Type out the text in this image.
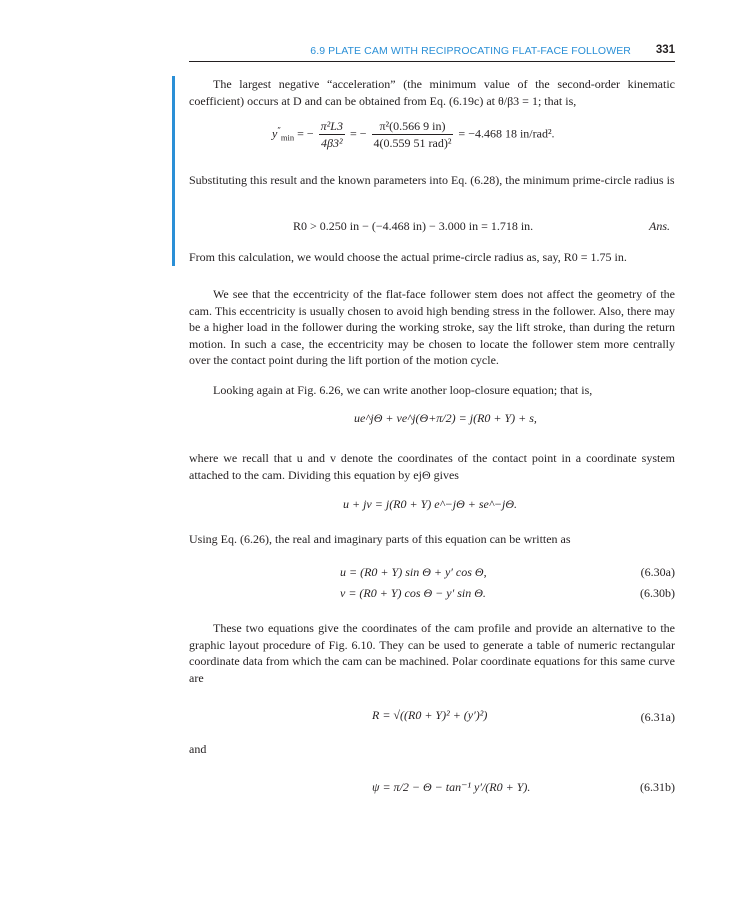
6.9 PLATE CAM WITH RECIPROCATING FLAT-FACE FOLLOWER 331
The largest negative “acceleration” (the minimum value of the second-order kinematic coefficient) occurs at D and can be obtained from Eq. (6.19c) at θ/β3 = 1; that is,
$y''_{min}$ = − $\frac{\text{π²L3}}{\text{4β3²}}$ = − $\frac{\text{π²(0.566 9 in)}}{\text{4(0.559 51 rad)²}} = -4.468$ 18 in/rad².
Substituting this result and the known parameters into Eq. (6.28), the minimum prime-circle radius is
R0 > 0.250 in − (−4.468 in) − 3.000 in = 1.718 in.	Ans.
From this calculation, we would choose the actual prime-circle radius as, say, R0 = 1.75 in.
We see that the eccentricity of the flat-face follower stem does not affect the geometry of the cam. This eccentricity is usually chosen to avoid high bending stress in the follower. Also, there may be a higher load in the follower during the working stroke, say the lift stroke, than during the return motion. In such a case, the eccentricity may be chosen to locate the follower stem more centrally over the contact point during the lift portion of the motion cycle.
Looking again at Fig. 6.26, we can write another loop-closure equation; that is,
ue^jΘ + ve^j(Θ+π/2) = j(R0 + Y) + s,
where we recall that u and v denote the coordinates of the contact point in a coordinate system attached to the cam. Dividing this equation by ejΘ gives
u + jv = j(R0 + Y) e^−jΘ + se^−jΘ.
Using Eq. (6.26), the real and imaginary parts of this equation can be written as
u = (R0 + Y) sin Θ + y′ cos Θ,	(6.30a)
v = (R0 + Y) cos Θ − y′ sin Θ.	(6.30b)
These two equations give the coordinates of the cam profile and provide an alternative to the graphic layout procedure of Fig. 6.10. They can be used to generate a table of numeric rectangular coordinate data from which the cam can be machined. Polar coordinate equations for this same curve are
R = √((R0 + Y)² + (y′)²)	(6.31a)
and
ψ = π/2 − Θ − tan⁻¹ y′/(R0 + Y).	(6.31b)
